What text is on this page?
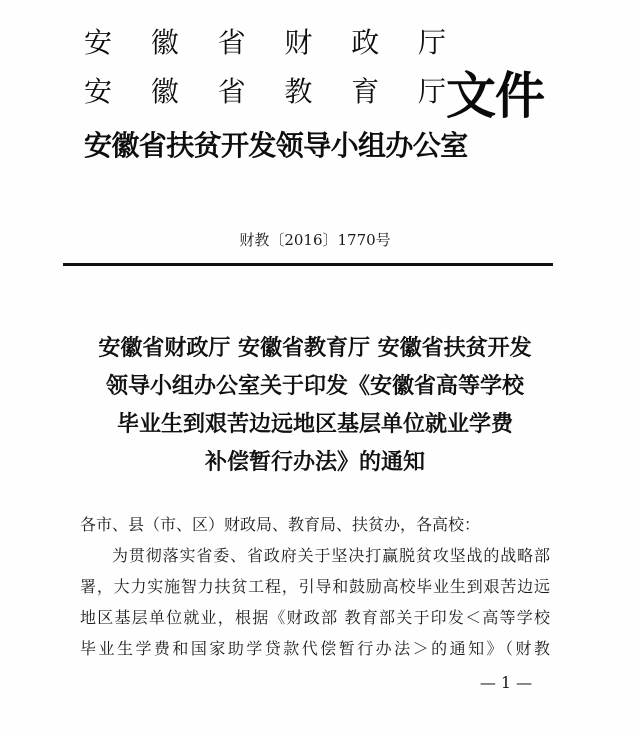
安 徽 省 财 政 厅
安 徽 省 教 育 厅
安徽省扶贫开发领导小组办公室
文件
财教〔2016〕1770号
安徽省财政厅 安徽省教育厅 安徽省扶贫开发
领导小组办公室关于印发《安徽省高等学校
毕业生到艰苦边远地区基层单位就业学费
补偿暂行办法》的通知
各市、县（市、区）财政局、教育局、扶贫办，各高校：
为贯彻落实省委、省政府关于坚决打赢脱贫攻坚战的战略部
署，大力实施智力扶贫工程，引导和鼓励高校毕业生到艰苦边远
地区基层单位就业，根据《财政部 教育部关于印发＜高等学校
毕业生学费和国家助学贷款代偿暂行办法＞的通知》（财教
— 1 —
